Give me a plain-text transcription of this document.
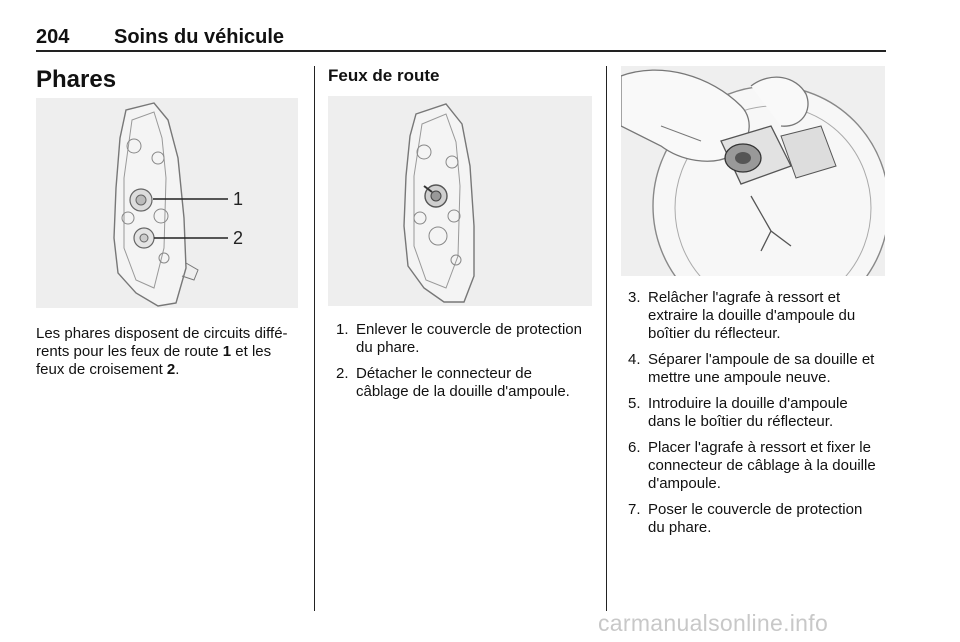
204 Soins du véhicule
Phares
1
2
Les phares disposent de circuits diffé-
rents pour les feux de route 1 et les
feux de croisement 2.
Feux de route
1. Enlever le couvercle de protection
du phare.
2. Détacher le connecteur de
câblage de la douille d'ampoule.
3. Relâcher l'agrafe à ressort et
extraire la douille d'ampoule du
boîtier du réflecteur.
4. Séparer l'ampoule de sa douille et
mettre une ampoule neuve.
5. Introduire la douille d'ampoule
dans le boîtier du réflecteur.
6. Placer l'agrafe à ressort et fixer le
connecteur de câblage à la douille
d'ampoule.
7. Poser le couvercle de protection
du phare.
carmanualsonline.info
